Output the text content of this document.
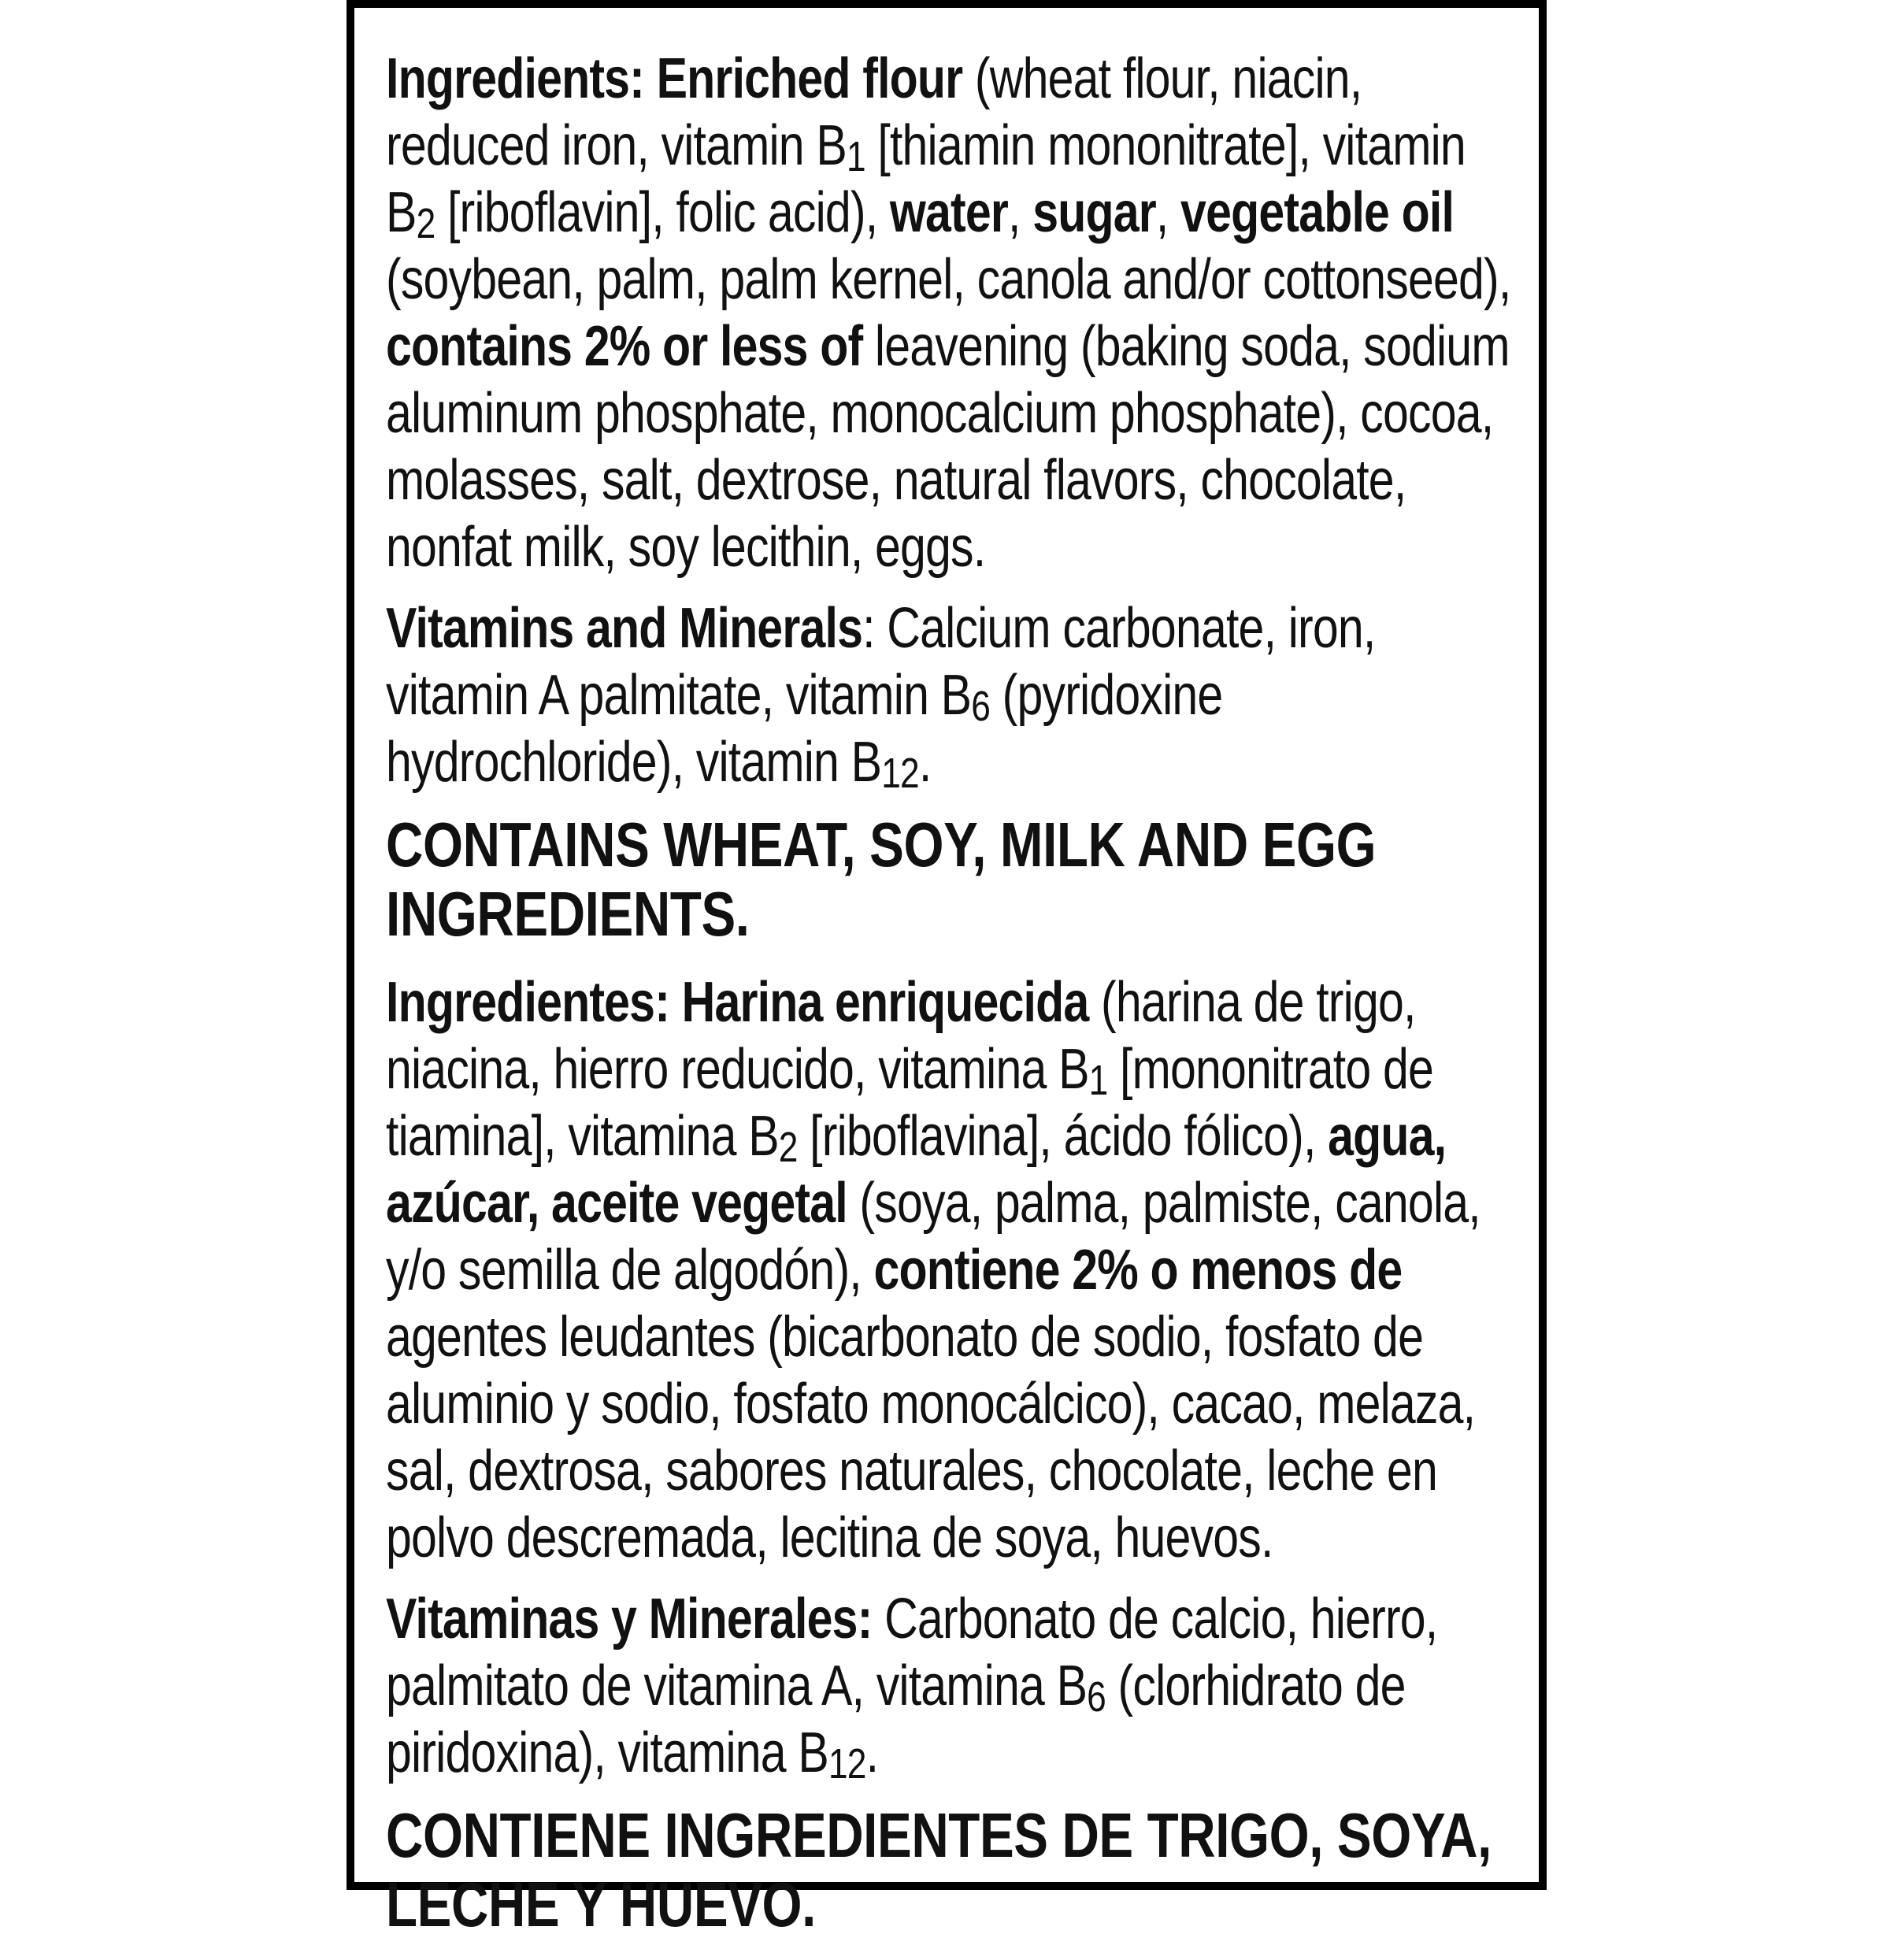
Ingredients: Enriched flour (wheat flour, niacin, reduced iron, vitamin $B_1$ [thiamin mononitrate], vitamin $B_2$ [riboflavin], folic acid), water, sugar, vegetable oil (soybean, palm, palm kernel, canola and/or cottonseed), contains 2% or less of leavening (baking soda, sodium aluminum phosphate, monocalcium phosphate), cocoa, molasses, salt, dextrose, natural flavors, chocolate, nonfat milk, soy lecithin, eggs.

Vitamins and Minerals: Calcium carbonate, iron, vitamin A palmitate, vitamin $B_6$ (pyridoxine hydrochloride), vitamin $B_{12}$.

CONTAINS WHEAT, SOY, MILK AND EGG INGREDIENTS.

Ingredientes: Harina enriquecida (harina de trigo, niacina, hierro reducido, vitamina $B_1$ [mononitrato de tiamina], vitamina $B_2$ [riboflavina], ácido fólico), agua, azúcar, aceite vegetal (soya, palma, palmiste, canola, y/o semilla de algodón), contiene 2% o menos de agentes leudantes (bicarbonato de sodio, fosfato de aluminio y sodio, fosfato monocálcico), cacao, melaza, sal, dextrosa, sabores naturales, chocolate, leche en polvo descremada, lecitina de soya, huevos.

Vitaminas y Minerales: Carbonato de calcio, hierro, palmitato de vitamina A, vitamina $B_6$ (clorhidrato de piridoxina), vitamina $B_{12}$.

CONTIENE INGREDIENTES DE TRIGO, SOYA, LECHE Y HUEVO.
